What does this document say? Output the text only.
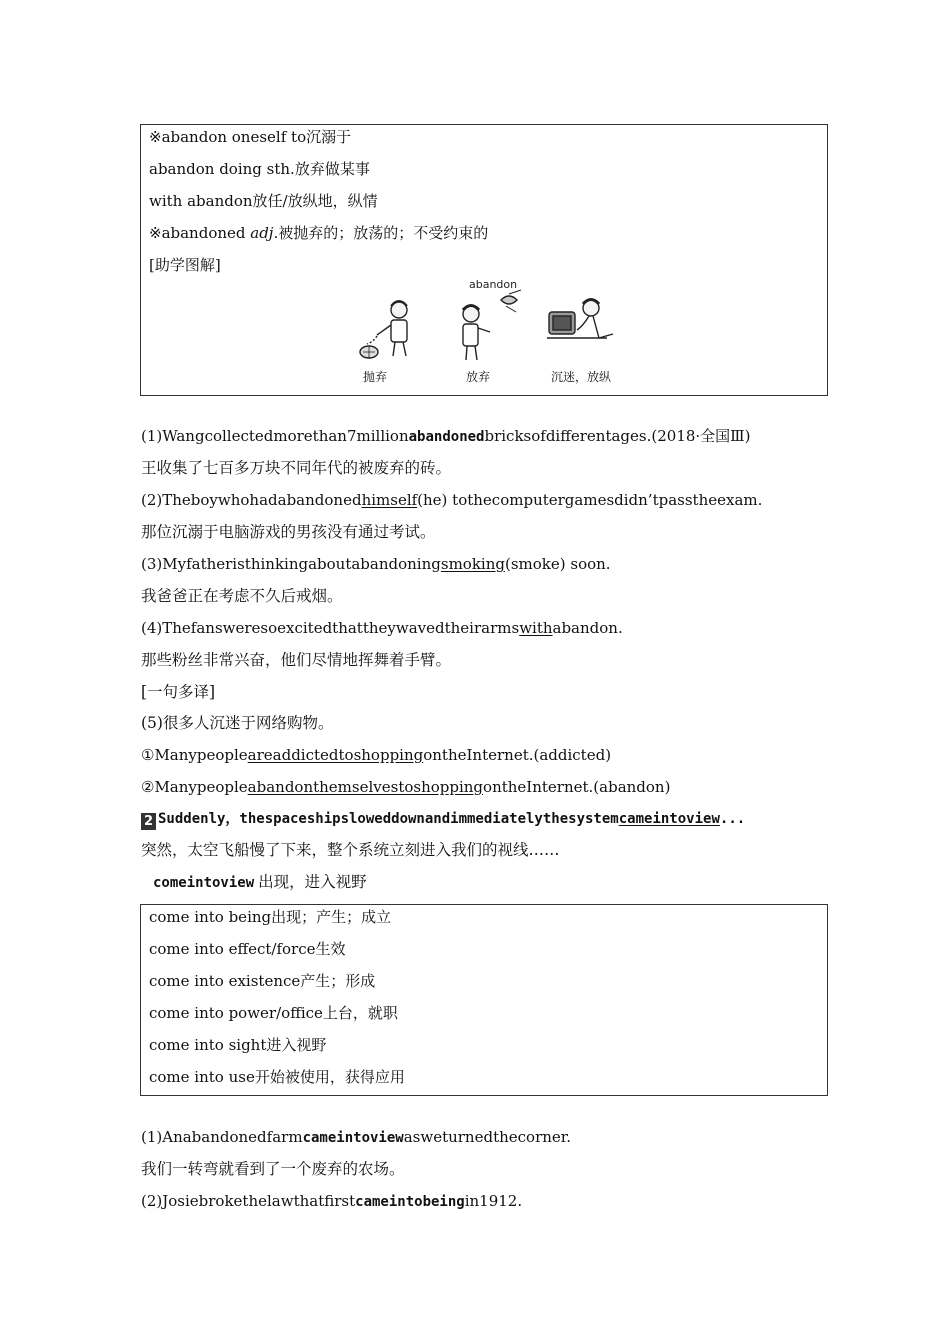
※abandon oneself to沉溺于
abandon doing sth.放弃做某事
with abandon放任/放纵地，纵情
※abandoned adj.被抛弃的；放荡的；不受约束的
[助学图解]
abandon
抛弃	放弃	沉迷，放纵
(1)Wangcollectedmorethan7millionabandonedbricksofdifferentages.(2018·全国Ⅲ)
王收集了七百多万块不同年代的被废弃的砖。
(2)Theboywhohadabandonedhimself(he) tothecomputergamesdidn’tpasstheexam.
那位沉溺于电脑游戏的男孩没有通过考试。
(3)Myfatheristhinkingaboutabandoningsmoking(smoke) soon.
我爸爸正在考虑不久后戒烟。
(4)Thefansweresoexcitedthattheywavedtheirarmswithabandon.
那些粉丝非常兴奋，他们尽情地挥舞着手臂。
[一句多译]
(5)很多人沉迷于网络购物。
①ManypeopleareaddictedtoshoppingontheInternet.(addicted)
②ManypeopleabandonthemselvestoshoppingontheInternet.(abandon)
2 Suddenly，thespaceshipsloweddownandimmediatelythesystemcameintoview...
突然，太空飞船慢了下来，整个系统立刻进入我们的视线……
comeintoview 出现，进入视野
come into being出现；产生；成立
come into effect/force生效
come into existence产生；形成
come into power/office上台，就职
come into sight进入视野
come into use开始被使用，获得应用
(1)Anabandonedfarmcameintoviewasweturnedthecorner.
我们一转弯就看到了一个废弃的农场。
(2)Josiebrokethelawthatfirstcameintobeingin1912.
